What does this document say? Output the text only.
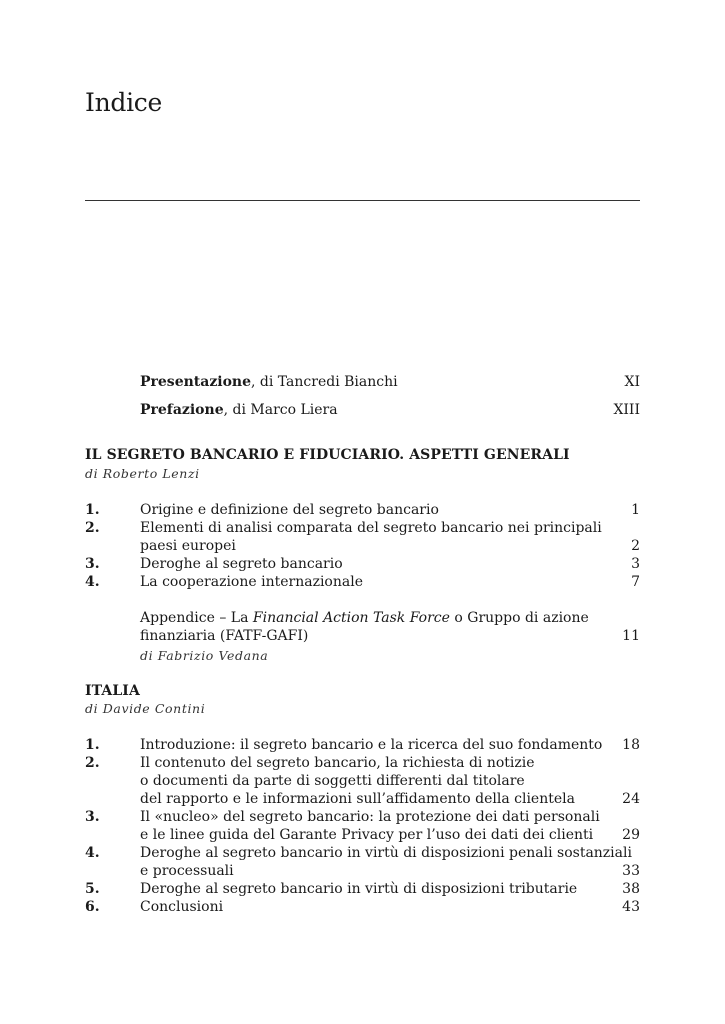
Indice
Presentazione, di Tancredi Bianchi	XI
Prefazione, di Marco Liera	XIII
IL SEGRETO BANCARIO E FIDUCIARIO. ASPETTI GENERALI
di Roberto Lenzi
1.	Origine e definizione del segreto bancario	1
2.	Elementi di analisi comparata del segreto bancario nei principali
paesi europei	2
3.	Deroghe al segreto bancario	3
4.	La cooperazione internazionale	7
Appendice – La Financial Action Task Force o Gruppo di azione
finanziaria (FATF-GAFI)	11
di Fabrizio Vedana
ITALIA
di Davide Contini
1.	Introduzione: il segreto bancario e la ricerca del suo fondamento 18
2.	Il contenuto del segreto bancario, la richiesta di notizie
o documenti da parte di soggetti differenti dal titolare
del rapporto e le informazioni sull’affidamento della clientela	24
3.	Il «nucleo» del segreto bancario: la protezione dei dati personali
e le linee guida del Garante Privacy per l’uso dei dati dei clienti	29
4.	Deroghe al segreto bancario in virtù di disposizioni penali sostanziali
e processuali	33
5.	Deroghe al segreto bancario in virtù di disposizioni tributarie	38
6.	Conclusioni	43
